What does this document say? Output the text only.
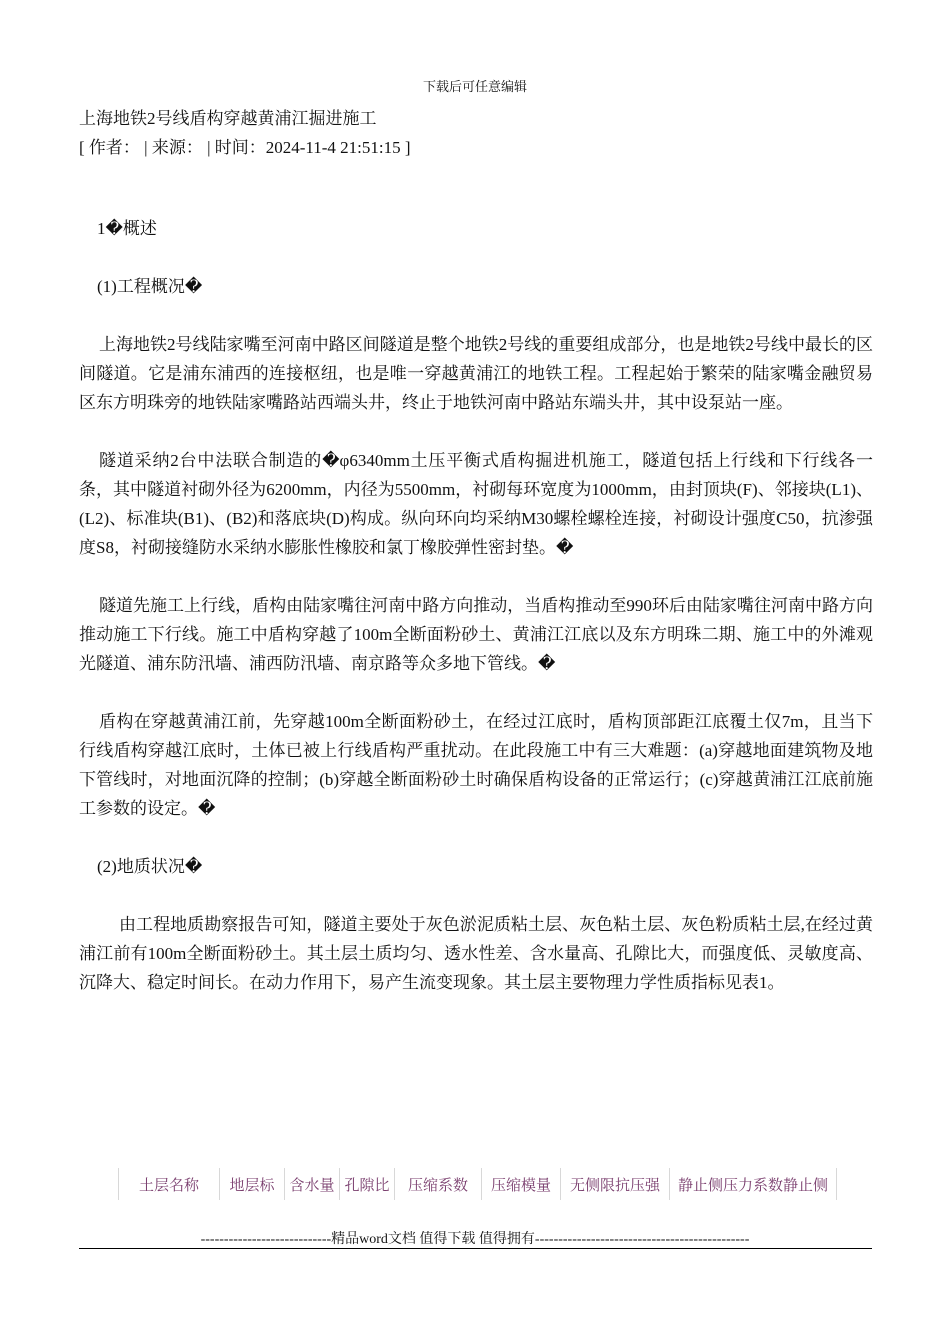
下载后可任意编辑
上海地铁2号线盾构穿越黄浦江掘进施工
[ 作者： | 来源： | 时间：2024-11-4 21:51:15 ]

1�概述

(1)工程概况�

上海地铁2号线陆家嘴至河南中路区间隧道是整个地铁2号线的重要组成部分，也是地铁2号线中最长的区间隧道。它是浦东浦西的连接枢纽，也是唯一穿越黄浦江的地铁工程。工程起始于繁荣的陆家嘴金融贸易区东方明珠旁的地铁陆家嘴路站西端头井，终止于地铁河南中路站东端头井，其中设泵站一座。

隧道采纳2台中法联合制造的�φ6340mm土压平衡式盾构掘进机施工，隧道包括上行线和下行线各一条，其中隧道衬砌外径为6200mm，内径为5500mm，衬砌每环宽度为1000mm，由封顶块(F)、邻接块(L1)、(L2)、标准块(B1)、(B2)和落底块(D)构成。纵向环向均采纳M30螺栓螺栓连接，衬砌设计强度C50，抗渗强度S8，衬砌接缝防水采纳水膨胀性橡胶和氯丁橡胶弹性密封垫。�

隧道先施工上行线，盾构由陆家嘴往河南中路方向推动，当盾构推动至990环后由陆家嘴往河南中路方向推动施工下行线。施工中盾构穿越了100m全断面粉砂土、黄浦江江底以及东方明珠二期、施工中的外滩观光隧道、浦东防汛墙、浦西防汛墙、南京路等众多地下管线。�

盾构在穿越黄浦江前，先穿越100m全断面粉砂土，在经过江底时，盾构顶部距江底覆土仅7m，且当下行线盾构穿越江底时，土体已被上行线盾构严重扰动。在此段施工中有三大难题：(a)穿越地面建筑物及地下管线时，对地面沉降的控制；(b)穿越全断面粉砂土时确保盾构设备的正常运行；(c)穿越黄浦江江底前施工参数的设定。�

(2)地质状况�

由工程地质勘察报告可知，隧道主要处于灰色淤泥质粘土层、灰色粘土层、灰色粉质粘土层,在经过黄浦江前有100m全断面粉砂土。其土层土质均匀、透水性差、含水量高、孔隙比大，而强度低、灵敏度高、沉降大、稳定时间长。在动力作用下，易产生流变现象。其土层主要物理力学性质指标见表1。

土层名称	地层标	含水量	孔隙比	压缩系数	压缩模量	无侧限抗压强	静止侧压力系数静止侧
----------------------------精品word文档 值得下载 值得拥有----------------------------------------------
